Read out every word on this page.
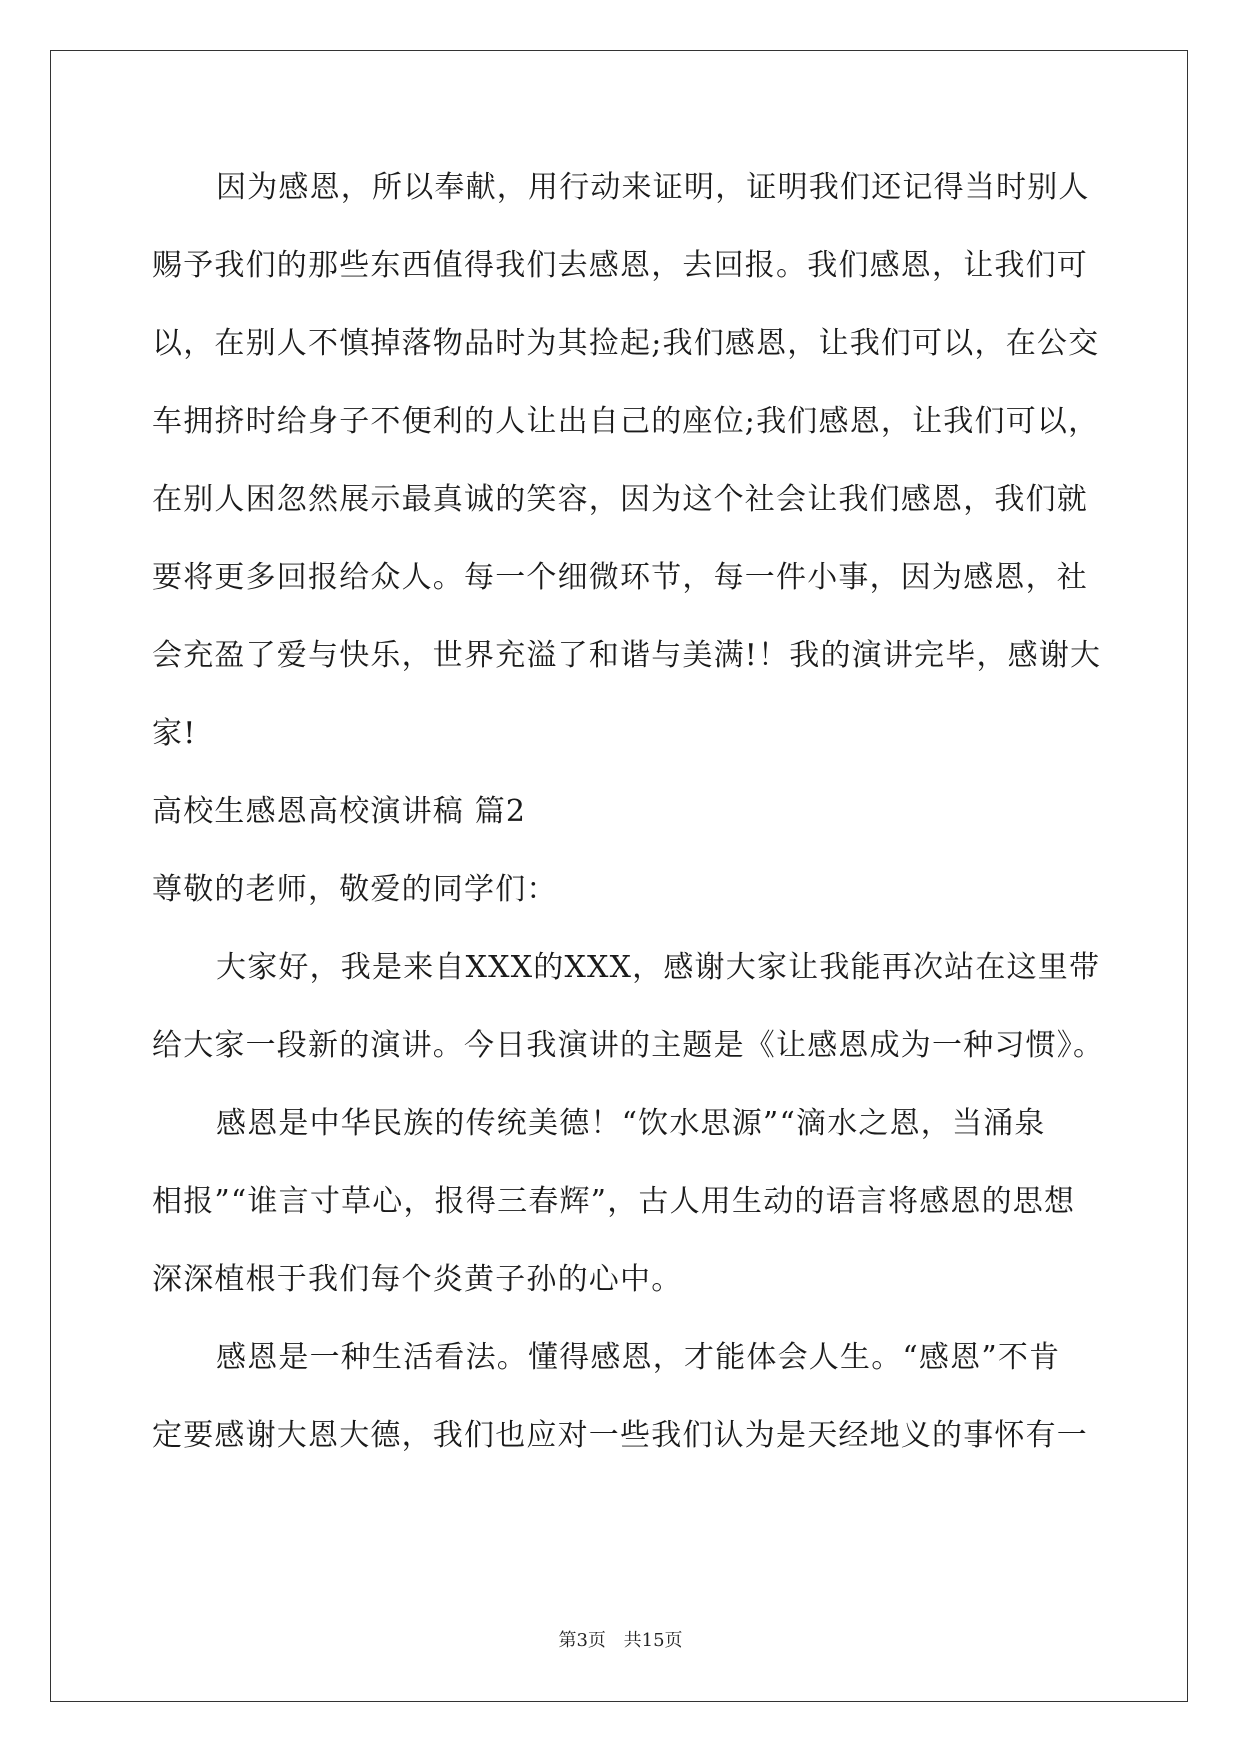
因为感恩，所以奉献，用行动来证明，证明我们还记得当时别人
赐予我们的那些东西值得我们去感恩，去回报。我们感恩，让我们可
以，在别人不慎掉落物品时为其捡起;我们感恩，让我们可以，在公交
车拥挤时给身子不便利的人让出自己的座位;我们感恩，让我们可以，
在别人困忽然展示最真诚的笑容，因为这个社会让我们感恩，我们就
要将更多回报给众人。每一个细微环节，每一件小事，因为感恩，社
会充盈了爱与快乐，世界充溢了和谐与美满!！我的演讲完毕，感谢大
家!
高校生感恩高校演讲稿 篇2
尊敬的老师，敬爱的同学们：
大家好，我是来自XXX的XXX，感谢大家让我能再次站在这里带
给大家一段新的演讲。今日我演讲的主题是《让感恩成为一种习惯》。
感恩是中华民族的传统美德！“饮水思源”“滴水之恩，当涌泉
相报”“谁言寸草心，报得三春辉”，古人用生动的语言将感恩的思想
深深植根于我们每个炎黄子孙的心中。
感恩是一种生活看法。懂得感恩，才能体会人生。“感恩”不肯
定要感谢大恩大德，我们也应对一些我们认为是天经地义的事怀有一
第3页 共15页
